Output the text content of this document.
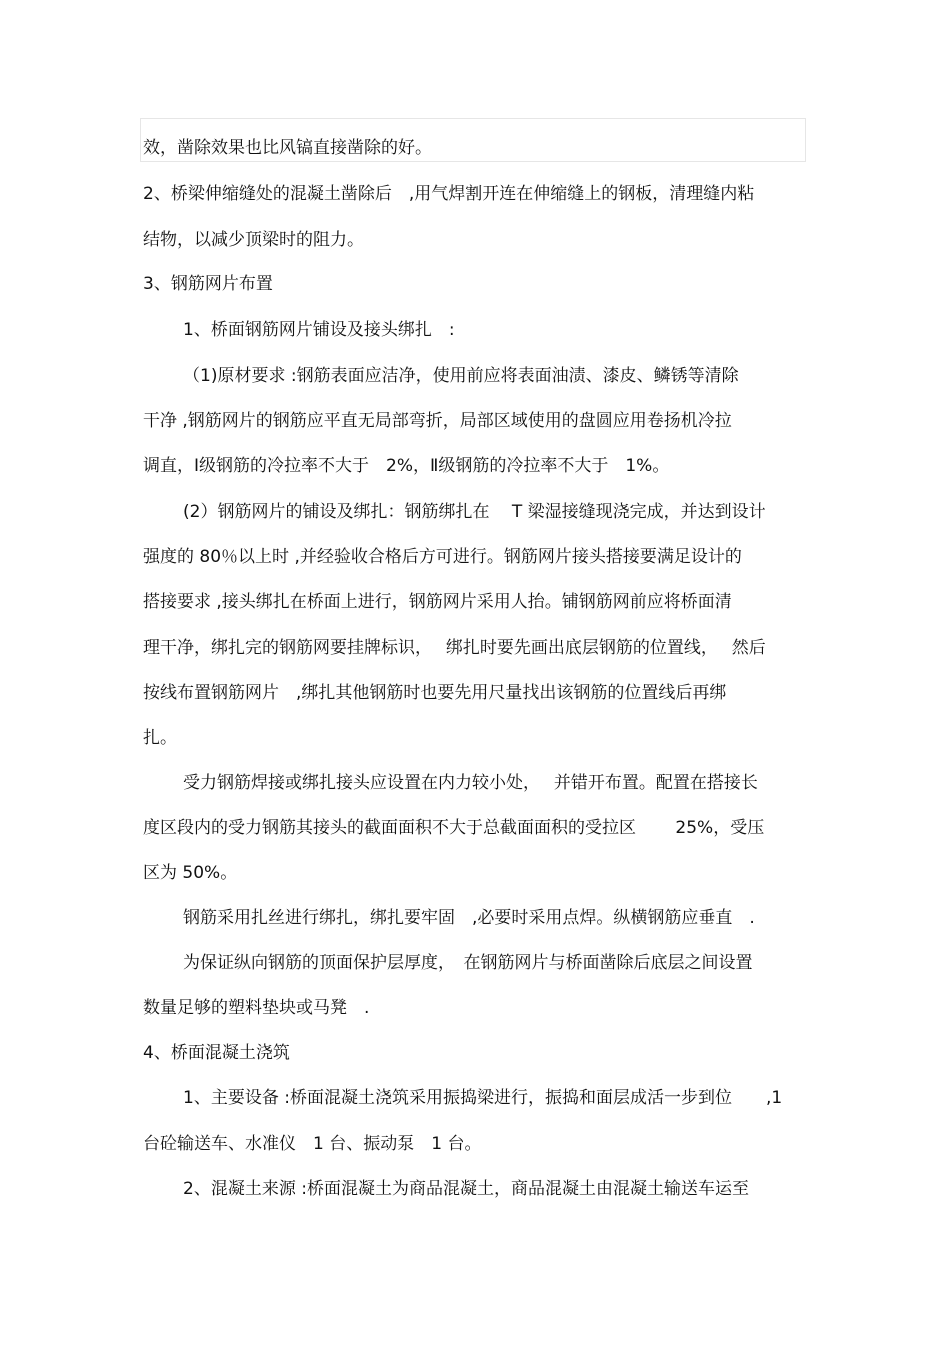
效，凿除效果也比风镐直接凿除的好。
2、桥梁伸缩缝处的混凝土凿除后　,用气焊割开连在伸缩缝上的钢板，清理缝内粘
结物，以减少顶梁时的阻力。
3、钢筋网片布置
1、桥面钢筋网片铺设及接头绑扎　:
（1)原材要求 :钢筋表面应洁净，使用前应将表面油渍、漆皮、鳞锈等清除
干净 ,钢筋网片的钢筋应平直无局部弯折，局部区域使用的盘圆应用卷扬机冷拉
调直，Ⅰ级钢筋的冷拉率不大于　2%，Ⅱ级钢筋的冷拉率不大于　1%。
(2）钢筋网片的铺设及绑扎：钢筋绑扎在　 T 梁湿接缝现浇完成，并达到设计
强度的 80％以上时 ,并经验收合格后方可进行。钢筋网片接头搭接要满足设计的
搭接要求 ,接头绑扎在桥面上进行，钢筋网片采用人抬。铺钢筋网前应将桥面清
理干净，绑扎完的钢筋网要挂牌标识，　 绑扎时要先画出底层钢筋的位置线，　 然后
按线布置钢筋网片　,绑扎其他钢筋时也要先用尺量找出该钢筋的位置线后再绑
扎。
受力钢筋焊接或绑扎接头应设置在内力较小处，　 并错开布置。配置在搭接长
度区段内的受力钢筋其接头的截面面积不大于总截面面积的受拉区　　 25%，受压
区为 50%。
钢筋采用扎丝进行绑扎，绑扎要牢固　,必要时采用点焊。纵横钢筋应垂直　.
为保证纵向钢筋的顶面保护层厚度，　在钢筋网片与桥面凿除后底层之间设置
数量足够的塑料垫块或马凳　.
4、桥面混凝土浇筑
1、主要设备 :桥面混凝土浇筑采用振捣梁进行，振捣和面层成活一步到位　　,1
台砼输送车、水准仪　1 台、振动泵　1 台。
2、混凝土来源 :桥面混凝土为商品混凝土，商品混凝土由混凝土输送车运至
